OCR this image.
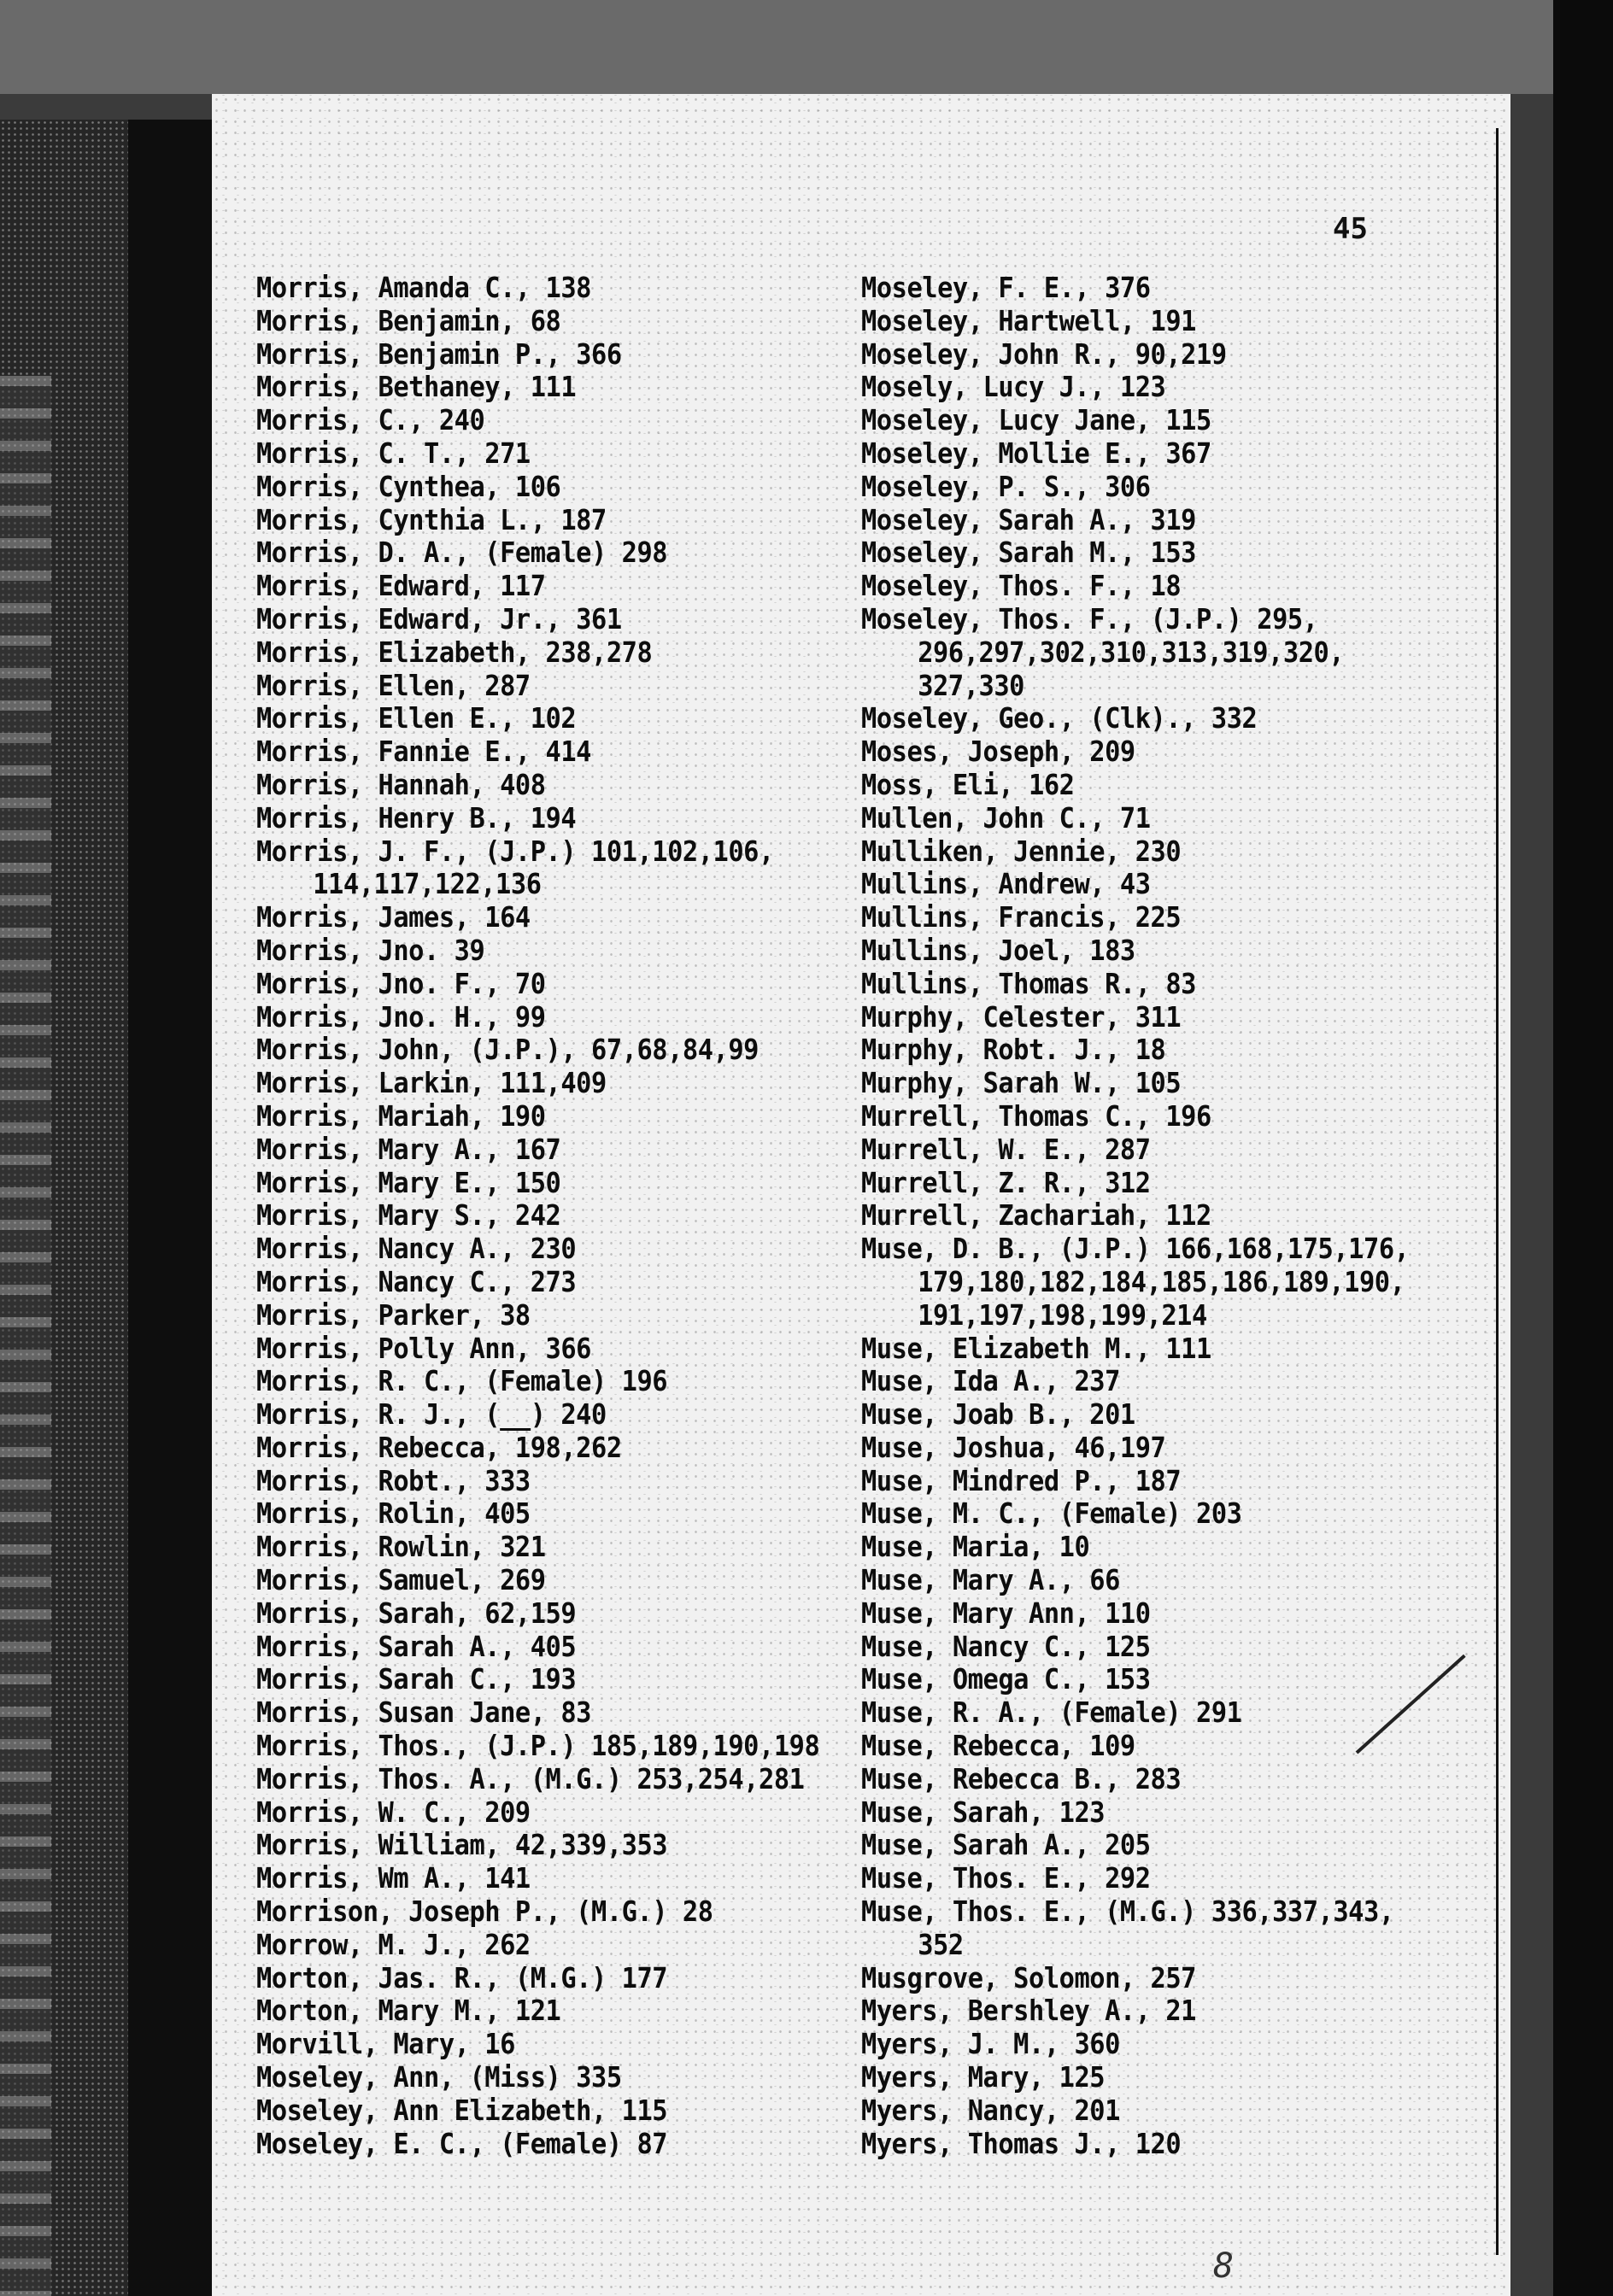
45
Morris, Amanda C., 138
Morris, Benjamin, 68
Morris, Benjamin P., 366
Morris, Bethaney, 111
Morris, C., 240
Morris, C. T., 271
Morris, Cynthea, 106
Morris, Cynthia L., 187
Morris, D. A., (Female) 298
Morris, Edward, 117
Morris, Edward, Jr., 361
Morris, Elizabeth, 238,278
Morris, Ellen, 287
Morris, Ellen E., 102
Morris, Fannie E., 414
Morris, Hannah, 408
Morris, Henry B., 194
Morris, J. F., (J.P.) 101,102,106,
114,117,122,136
Morris, James, 164
Morris, Jno. 39
Morris, Jno. F., 70
Morris, Jno. H., 99
Morris, John, (J.P.), 67,68,84,99
Morris, Larkin, 111,409
Morris, Mariah, 190
Morris, Mary A., 167
Morris, Mary E., 150
Morris, Mary S., 242
Morris, Nancy A., 230
Morris, Nancy C., 273
Morris, Parker, 38
Morris, Polly Ann, 366
Morris, R. C., (Female) 196
Morris, R. J., (__) 240
Morris, Rebecca, 198,262
Morris, Robt., 333
Morris, Rolin, 405
Morris, Rowlin, 321
Morris, Samuel, 269
Morris, Sarah, 62,159
Morris, Sarah A., 405
Morris, Sarah C., 193
Morris, Susan Jane, 83
Morris, Thos., (J.P.) 185,189,190,198
Morris, Thos. A., (M.G.) 253,254,281
Morris, W. C., 209
Morris, William, 42,339,353
Morris, Wm A., 141
Morrison, Joseph P., (M.G.) 28
Morrow, M. J., 262
Morton, Jas. R., (M.G.) 177
Morton, Mary M., 121
Morvill, Mary, 16
Moseley, Ann, (Miss) 335
Moseley, Ann Elizabeth, 115
Moseley, E. C., (Female) 87
Moseley, F. E., 376
Moseley, Hartwell, 191
Moseley, John R., 90,219
Mosely, Lucy J., 123
Moseley, Lucy Jane, 115
Moseley, Mollie E., 367
Moseley, P. S., 306
Moseley, Sarah A., 319
Moseley, Sarah M., 153
Moseley, Thos. F., 18
Moseley, Thos. F., (J.P.) 295,
296,297,302,310,313,319,320,
327,330
Moseley, Geo., (Clk)., 332
Moses, Joseph, 209
Moss, Eli, 162
Mullen, John C., 71
Mulliken, Jennie, 230
Mullins, Andrew, 43
Mullins, Francis, 225
Mullins, Joel, 183
Mullins, Thomas R., 83
Murphy, Celester, 311
Murphy, Robt. J., 18
Murphy, Sarah W., 105
Murrell, Thomas C., 196
Murrell, W. E., 287
Murrell, Z. R., 312
Murrell, Zachariah, 112
Muse, D. B., (J.P.) 166,168,175,176,
179,180,182,184,185,186,189,190,
191,197,198,199,214
Muse, Elizabeth M., 111
Muse, Ida A., 237
Muse, Joab B., 201
Muse, Joshua, 46,197
Muse, Mindred P., 187
Muse, M. C., (Female) 203
Muse, Maria, 10
Muse, Mary A., 66
Muse, Mary Ann, 110
Muse, Nancy C., 125
Muse, Omega C., 153
Muse, R. A., (Female) 291
Muse, Rebecca, 109
Muse, Rebecca B., 283
Muse, Sarah, 123
Muse, Sarah A., 205
Muse, Thos. E., 292
Muse, Thos. E., (M.G.) 336,337,343,
352
Musgrove, Solomon, 257
Myers, Bershley A., 21
Myers, J. M., 360
Myers, Mary, 125
Myers, Nancy, 201
Myers, Thomas J., 120
8
